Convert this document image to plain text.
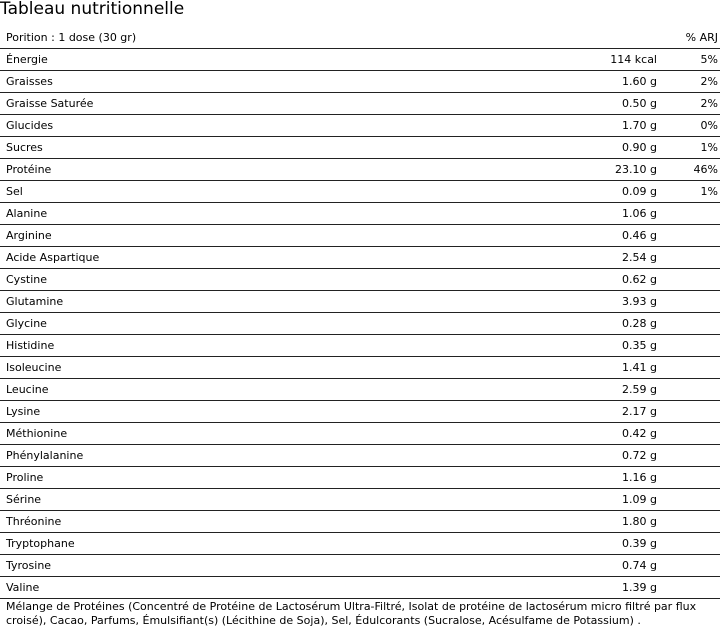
Tableau nutritionnelle
Porition : 1 dose (30 gr)	% ARJ
Énergie	114 kcal	5%
Graisses	1.60 g	2%
Graisse Saturée	0.50 g	2%
Glucides	1.70 g	0%
Sucres	0.90 g	1%
Protéine	23.10 g	46%
Sel	0.09 g	1%
Alanine	1.06 g
Arginine	0.46 g
Acide Aspartique	2.54 g
Cystine	0.62 g
Glutamine	3.93 g
Glycine	0.28 g
Histidine	0.35 g
Isoleucine	1.41 g
Leucine	2.59 g
Lysine	2.17 g
Méthionine	0.42 g
Phénylalanine	0.72 g
Proline	1.16 g
Sérine	1.09 g
Thréonine	1.80 g
Tryptophane	0.39 g
Tyrosine	0.74 g
Valine	1.39 g
Mélange de Protéines (Concentré de Protéine de Lactosérum Ultra-Filtré, Isolat de protéine de lactosérum micro filtré par flux croisé), Cacao, Parfums, Émulsifiant(s) (Lécithine de Soja), Sel, Édulcorants (Sucralose, Acésulfame de Potassium) .
